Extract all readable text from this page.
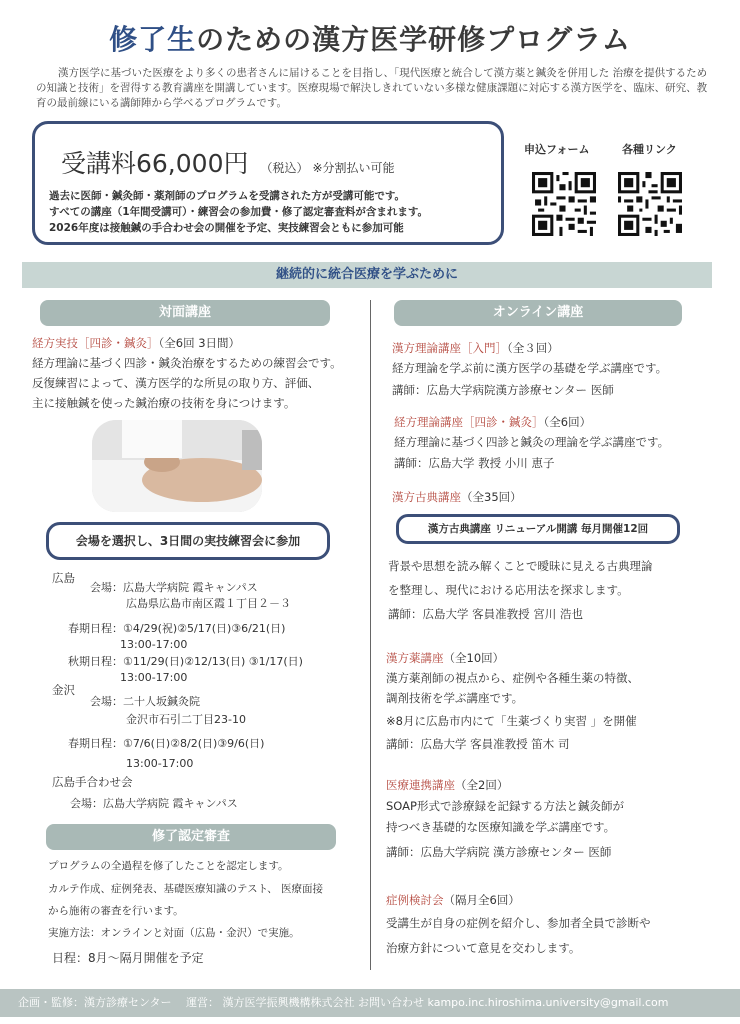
修了生のための漢方医学研修プログラム
漢方医学に基づいた医療をより多くの患者さんに届けることを目指し、「現代医療と統合して漢方薬と鍼灸を併用した 治療を提供するための知識と技術」を習得する教育講座を開講しています。医療現場で解決しきれていない多様な健康課題に対応する漢方医学を、臨床、研究、教育の最前線にいる講師陣から学べるプログラムです。
受講料66,000円 （税込） ※分割払い可能
過去に医師・鍼灸師・薬剤師のプログラムを受講された方が受講可能です。
すべての講座（1年間受講可）・練習会の参加費・修了認定審査料が含まれます。
2026年度は接触鍼の手合わせ会の開催を予定、実技練習会ともに参加可能
申込フォーム	各種リンク
継続的に統合医療を学ぶために
対面講座
経方実技［四診・鍼灸］（全6回 3日間）
経方理論に基づく四診・鍼灸治療をするための練習会です。
反復練習によって、漢方医学的な所見の取り方、評価、
主に接触鍼を使った鍼治療の技術を身につけます。
会場を選択し、3日間の実技練習会に参加
広島
会場：広島大学病院 霞キャンパス
広島県広島市南区霞１丁目２－３
春期日程：①4/29(祝)②5/17(日)③6/21(日)
13:00-17:00
秋期日程：①11/29(日)②12/13(日) ③1/17(日)
13:00-17:00
金沢
会場：二十人坂鍼灸院
金沢市石引二丁目23-10
春期日程：①7/6(日)②8/2(日)③9/6(日)
13:00-17:00
広島手合わせ会
会場：広島大学病院 霞キャンパス
修了認定審査
プログラムの全過程を修了したことを認定します。
カルテ作成、症例発表、基礎医療知識のテスト、 医療面接
から施術の審査を行います。
実施方法：オンラインと対面（広島・金沢）で実施。
日程：8月～隔月開催を予定
オンライン講座
漢方理論講座［入門］（全３回）
経方理論を学ぶ前に漢方医学の基礎を学ぶ講座です。
講師：広島大学病院漢方診療センター 医師
経方理論講座［四診・鍼灸］（全6回）
経方理論に基づく四診と鍼灸の理論を学ぶ講座です。
講師：広島大学 教授 小川 恵子
漢方古典講座（全35回）
漢方古典講座 リニューアル開講 毎月開催12回
背景や思想を読み解くことで曖昧に見える古典理論
を整理し、現代における応用法を探求します。
講師：広島大学 客員准教授 宮川 浩也
漢方薬講座（全10回）
漢方薬剤師の視点から、症例や各種生薬の特徴、
調剤技術を学ぶ講座です。
※8月に広島市内にて「生薬づくり実習 」を開催
講師：広島大学 客員准教授 笛木 司
医療連携講座（全2回）
SOAP形式で診療録を記録する方法と鍼灸師が
持つべき基礎的な医療知識を学ぶ講座です。
講師：広島大学病院 漢方診療センター 医師
症例検討会（隔月全6回）
受講生が自身の症例を紹介し、参加者全員で診断や
治療方針について意見を交わします。
企画・監修：漢方診療センター　 運営： 漢方医学振興機構株式会社 お問い合わせ kampo.inc.hiroshima.university@gmail.com
